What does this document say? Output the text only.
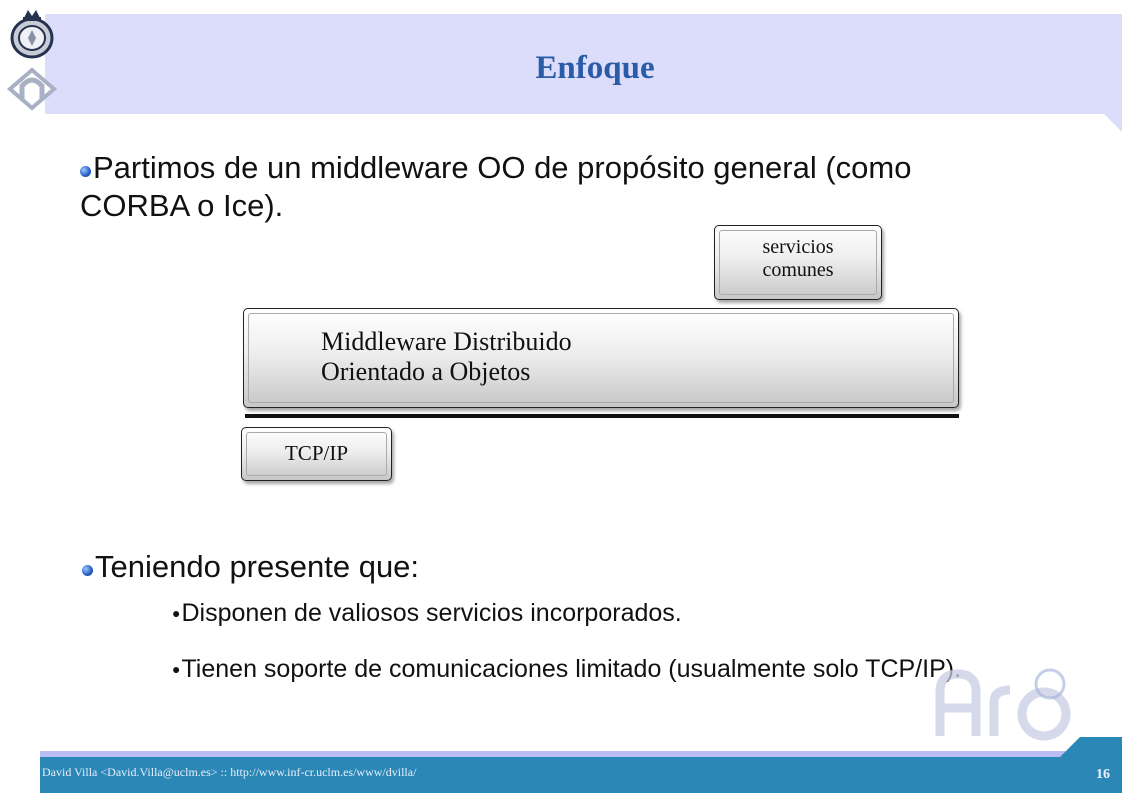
Enfoque
Partimos de un middleware OO de propósito general (como CORBA o Ice).
servicios comunes
Middleware Distribuido
Orientado a Objetos
TCP/IP
Teniendo presente que:
●Disponen de valiosos servicios incorporados.
●Tienen soporte de comunicaciones limitado (usualmente solo TCP/IP).
David Villa <David.Villa@uclm.es> :: http://www.inf-cr.uclm.es/www/dvilla/	16
